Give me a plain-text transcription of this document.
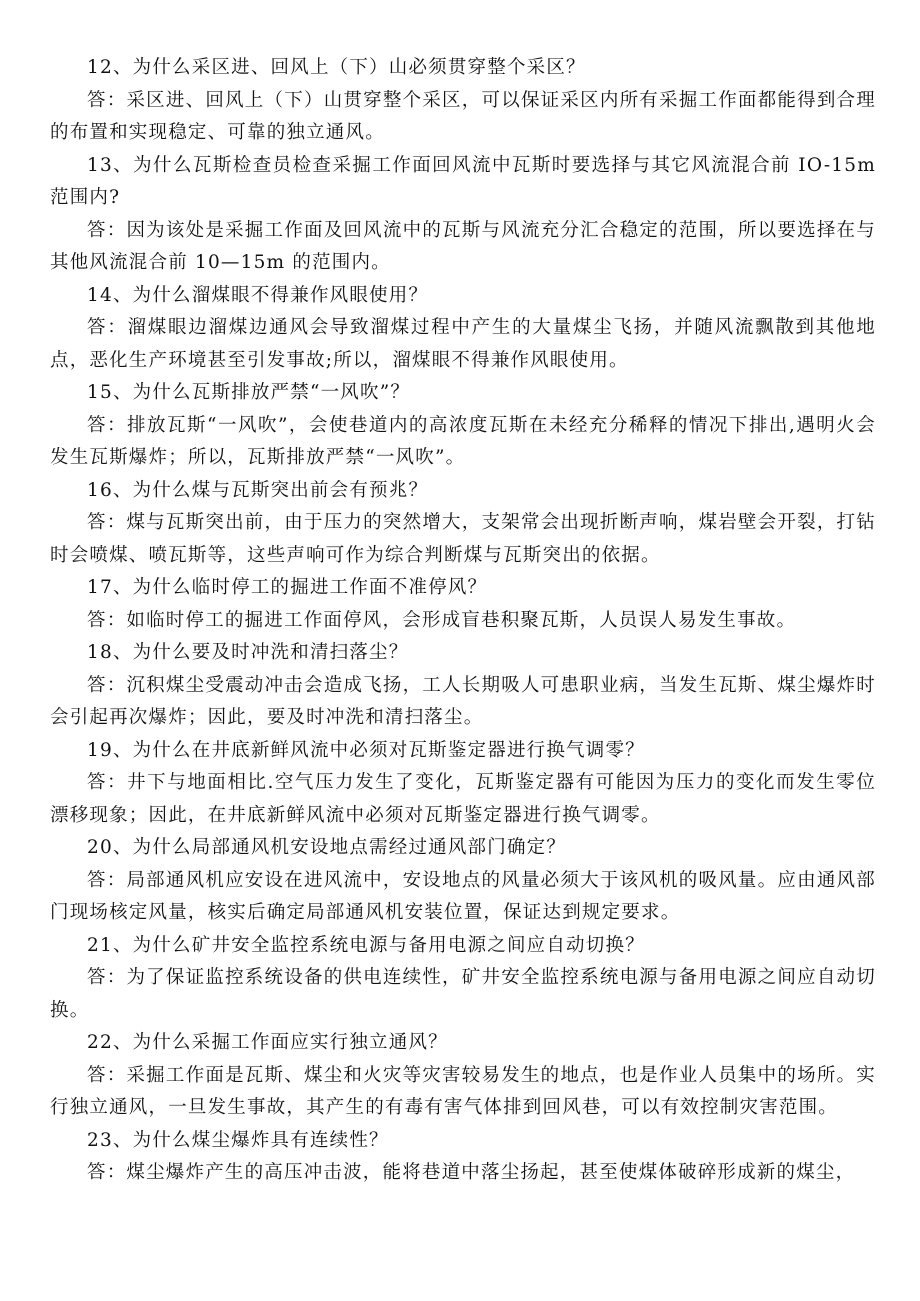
12、为什么采区进、回风上（下）山必须贯穿整个采区？

答：采区进、回风上（下）山贯穿整个采区，可以保证采区内所有采掘工作面都能得到合理的布置和实现稳定、可靠的独立通风。

13、为什么瓦斯检查员检查采掘工作面回风流中瓦斯时要选择与其它风流混合前 IO-15m 范围内?

答：因为该处是采掘工作面及回风流中的瓦斯与风流充分汇合稳定的范围，所以要选择在与其他风流混合前 10—15m 的范围内。

14、为什么溜煤眼不得兼作风眼使用？

答：溜煤眼边溜煤边通风会导致溜煤过程中产生的大量煤尘飞扬，并随风流飘散到其他地点，恶化生产环境甚至引发事故;所以，溜煤眼不得兼作风眼使用。

15、为什么瓦斯排放严禁“一风吹”？

答：排放瓦斯“一风吹”，会使巷道内的高浓度瓦斯在未经充分稀释的情况下排出,遇明火会发生瓦斯爆炸；所以，瓦斯排放严禁“一风吹”。

16、为什么煤与瓦斯突出前会有预兆？

答：煤与瓦斯突出前，由于压力的突然增大，支架常会出现折断声响，煤岩壁会开裂，打钻时会喷煤、喷瓦斯等，这些声响可作为综合判断煤与瓦斯突出的依据。

17、为什么临时停工的掘进工作面不准停风？

答：如临时停工的掘进工作面停风，会形成盲巷积聚瓦斯，人员误人易发生事故。

18、为什么要及时冲洗和清扫落尘？

答：沉积煤尘受震动冲击会造成飞扬，工人长期吸人可患职业病，当发生瓦斯、煤尘爆炸时会引起再次爆炸；因此，要及时冲洗和清扫落尘。

19、为什么在井底新鲜风流中必须对瓦斯鉴定器进行换气调零？

答：井下与地面相比.空气压力发生了变化，瓦斯鉴定器有可能因为压力的变化而发生零位漂移现象；因此，在井底新鲜风流中必须对瓦斯鉴定器进行换气调零。

20、为什么局部通风机安设地点需经过通风部门确定？

答：局部通风机应安设在进风流中，安设地点的风量必须大于该风机的吸风量。应由通风部门现场核定风量，核实后确定局部通风机安装位置，保证达到规定要求。

21、为什么矿井安全监控系统电源与备用电源之间应自动切换？

答：为了保证监控系统设备的供电连续性，矿井安全监控系统电源与备用电源之间应自动切换。

22、为什么采掘工作面应实行独立通风？

答：采掘工作面是瓦斯、煤尘和火灾等灾害较易发生的地点，也是作业人员集中的场所。实行独立通风，一旦发生事故，其产生的有毒有害气体排到回风巷，可以有效控制灾害范围。

23、为什么煤尘爆炸具有连续性？

答：煤尘爆炸产生的高压冲击波，能将巷道中落尘扬起，甚至使煤体破碎形成新的煤尘，
